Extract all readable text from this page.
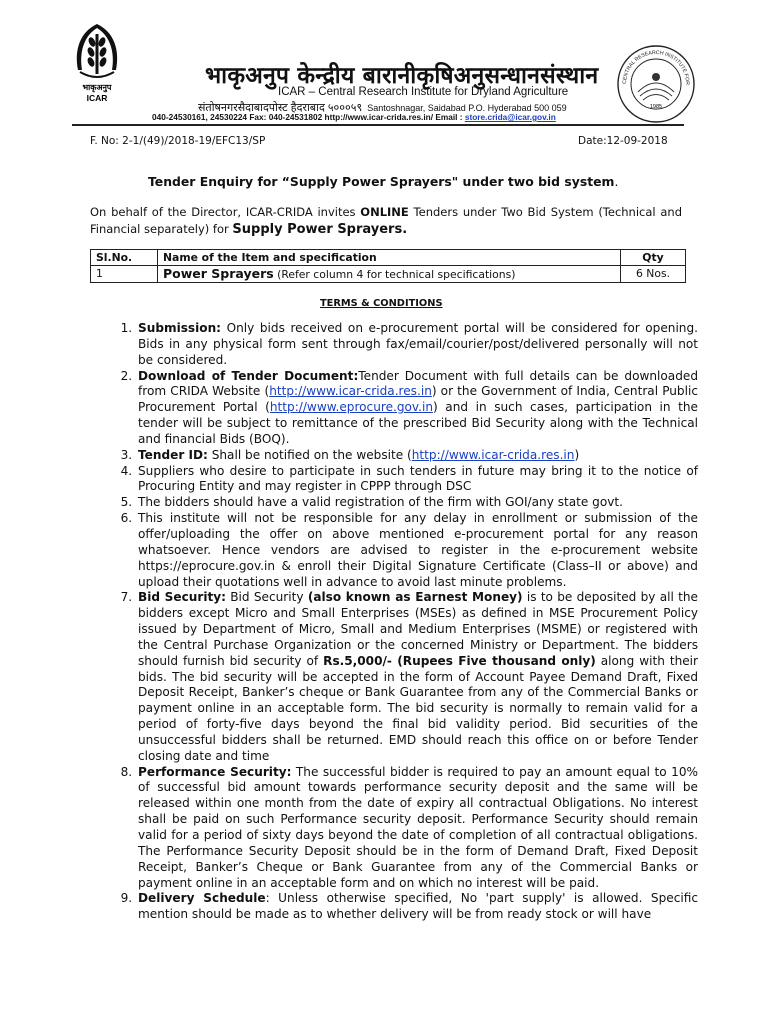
भाकृअनुप
ICAR
CENTRAL RESEARCH INSTITUTE FOR
1985
भाकृअनुप केन्द्रीय बारानीकृषिअनुसन्धानसंस्थान
ICAR – Central Research Institute for Dryland Agriculture
संतोषनगरसैदाबादपोस्ट हैदराबाद ५०००५९ Santoshnagar, Saidabad P.O. Hyderabad 500 059
040-24530161, 24530224 Fax: 040-24531802 http://www.icar-crida.res.in/ Email : store.crida@icar.gov.in
F. No: 2-1/(49)/2018-19/EFC13/SP	Date:12-09-2018
Tender Enquiry for “Supply Power Sprayers" under two bid system.
On behalf of the Director, ICAR-CRIDA invites ONLINE Tenders under Two Bid System (Technical and Financial separately) for Supply Power Sprayers.
Sl.No.	Name of the Item and specification	Qty
1	Power Sprayers (Refer column 4 for technical specifications)	6 Nos.
TERMS & CONDITIONS
1. Submission: Only bids received on e-procurement portal will be considered for opening. Bids in any physical form sent through fax/email/courier/post/delivered personally will not be considered.
2. Download of Tender Document:Tender Document with full details can be downloaded from CRIDA Website (http://www.icar-crida.res.in) or the Government of India, Central Public Procurement Portal (http://www.eprocure.gov.in) and in such cases, participation in the tender will be subject to remittance of the prescribed Bid Security along with the Technical and financial Bids (BOQ).
3. Tender ID: Shall be notified on the website (http://www.icar-crida.res.in)
4. Suppliers who desire to participate in such tenders in future may bring it to the notice of Procuring Entity and may register in CPPP through DSC
5. The bidders should have a valid registration of the firm with GOI/any state govt.
6. This institute will not be responsible for any delay in enrollment or submission of the offer/uploading the offer on above mentioned e-procurement portal for any reason whatsoever. Hence vendors are advised to register in the e-procurement website https://eprocure.gov.in & enroll their Digital Signature Certificate (Class–II or above) and upload their quotations well in advance to avoid last minute problems.
7. Bid Security: Bid Security (also known as Earnest Money) is to be deposited by all the bidders except Micro and Small Enterprises (MSEs) as defined in MSE Procurement Policy issued by Department of Micro, Small and Medium Enterprises (MSME) or registered with the Central Purchase Organization or the concerned Ministry or Department. The bidders should furnish bid security of Rs.5,000/- (Rupees Five thousand only) along with their bids. The bid security will be accepted in the form of Account Payee Demand Draft, Fixed Deposit Receipt, Banker’s cheque or Bank Guarantee from any of the Commercial Banks or payment online in an acceptable form. The bid security is normally to remain valid for a period of forty-five days beyond the final bid validity period. Bid securities of the unsuccessful bidders shall be returned. EMD should reach this office on or before Tender closing date and time
8. Performance Security: The successful bidder is required to pay an amount equal to 10% of successful bid amount towards performance security deposit and the same will be released within one month from the date of expiry all contractual Obligations. No interest shall be paid on such Performance security deposit. Performance Security should remain valid for a period of sixty days beyond the date of completion of all contractual obligations. The Performance Security Deposit should be in the form of Demand Draft, Fixed Deposit Receipt, Banker’s Cheque or Bank Guarantee from any of the Commercial Banks or payment online in an acceptable form and on which no interest will be paid.
9. Delivery Schedule: Unless otherwise specified, No 'part supply' is allowed. Specific mention should be made as to whether delivery will be from ready stock or will have
